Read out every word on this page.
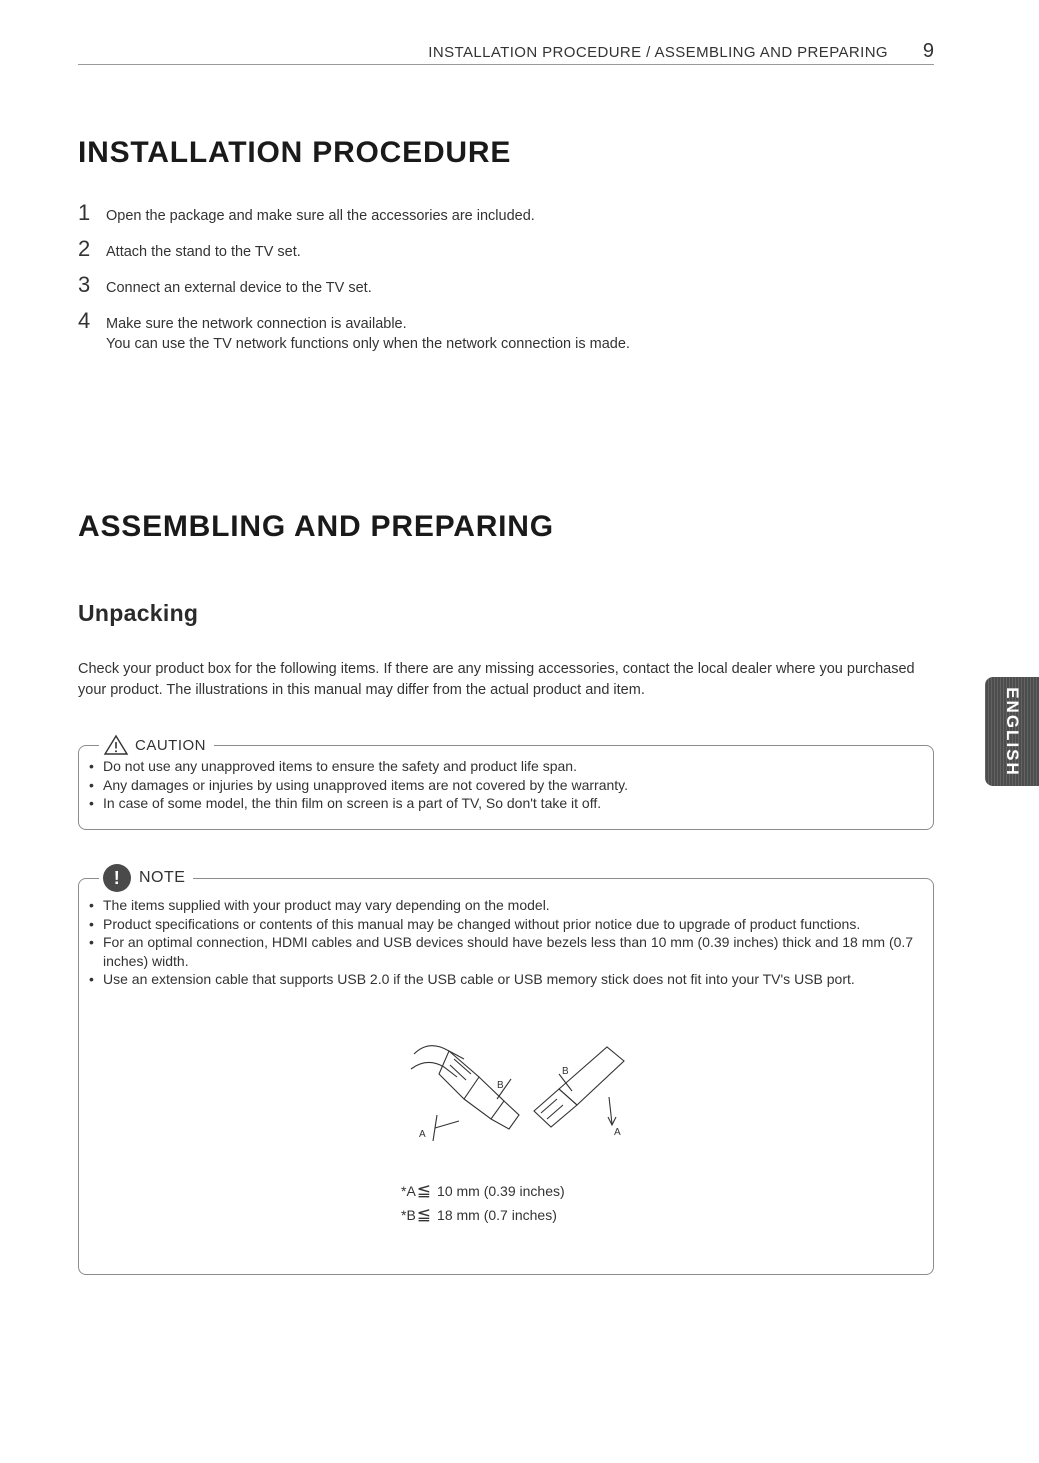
INSTALLATION PROCEDURE / ASSEMBLING AND PREPARING 9
INSTALLATION PROCEDURE
1 Open the package and make sure all the accessories are included.
2 Attach the stand to the TV set.
3 Connect an external device to the TV set.
4 Make sure the network connection is available.
You can use the TV network functions only when the network connection is made.
ASSEMBLING AND PREPARING
Unpacking

Check your product box for the following items. If there are any missing accessories, contact the local dealer where you purchased your product. The illustrations in this manual may differ from the actual product and item.

CAUTION
• Do not use any unapproved items to ensure the safety and product life span.
• Any damages or injuries by using unapproved items are not covered by the warranty.
• In case of some model, the thin film on screen is a part of TV, So don't take it off.
!	NOTE
• The items supplied with your product may vary depending on the model.
• Product specifications or contents of this manual may be changed without prior notice due to upgrade of product functions.
• For an optimal connection, HDMI cables and USB devices should have bezels less than 10 mm (0.39 inches) thick and 18 mm (0.7 inches) width.
• Use an extension cable that supports USB 2.0 if the USB cable or USB memory stick does not fit into your TV's USB port.
B
A
B
A
*A ≦ 10 mm (0.39 inches)
*B ≦ 18 mm (0.7 inches)
ENGLISH
